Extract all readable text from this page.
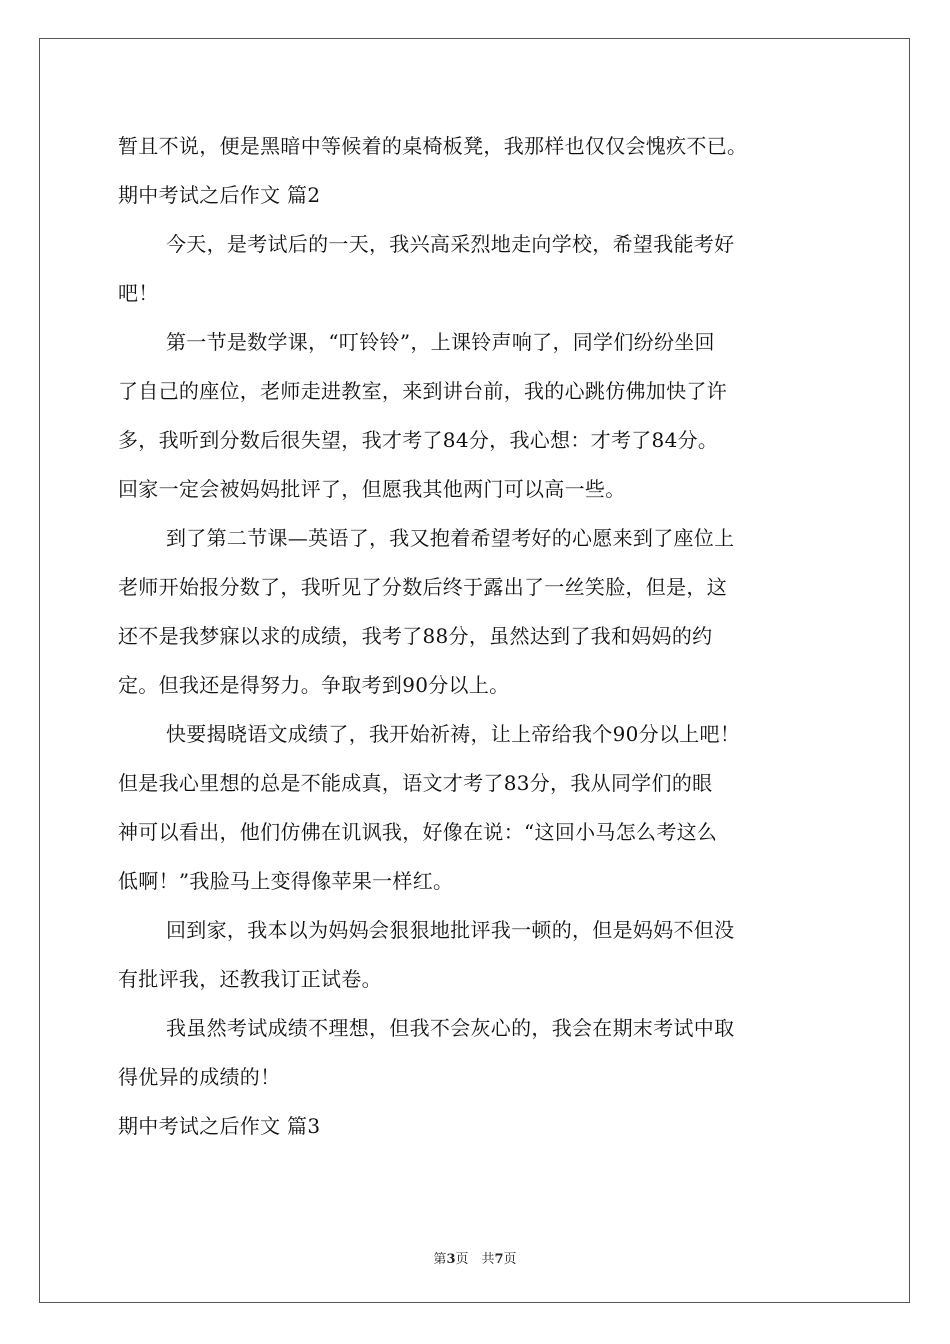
暂且不说，便是黑暗中等候着的桌椅板凳，我那样也仅仅会愧疚不已。
期中考试之后作文 篇2
今天，是考试后的一天，我兴高采烈地走向学校，希望我能考好
吧！
第一节是数学课，“叮铃铃”，上课铃声响了，同学们纷纷坐回
了自己的座位，老师走进教室，来到讲台前，我的心跳仿佛加快了许
多，我听到分数后很失望，我才考了84分，我心想：才考了84分。
回家一定会被妈妈批评了，但愿我其他两门可以高一些。
到了第二节课—英语了，我又抱着希望考好的心愿来到了座位上
老师开始报分数了，我听见了分数后终于露出了一丝笑脸，但是，这
还不是我梦寐以求的成绩，我考了88分，虽然达到了我和妈妈的约
定。但我还是得努力。争取考到90分以上。
快要揭晓语文成绩了，我开始祈祷，让上帝给我个90分以上吧！
但是我心里想的总是不能成真，语文才考了83分，我从同学们的眼
神可以看出，他们仿佛在讥讽我，好像在说：“这回小马怎么考这么
低啊！”我脸马上变得像苹果一样红。
回到家，我本以为妈妈会狠狠地批评我一顿的，但是妈妈不但没
有批评我，还教我订正试卷。
我虽然考试成绩不理想，但我不会灰心的，我会在期末考试中取
得优异的成绩的！
期中考试之后作文 篇3
第3页　共7页
